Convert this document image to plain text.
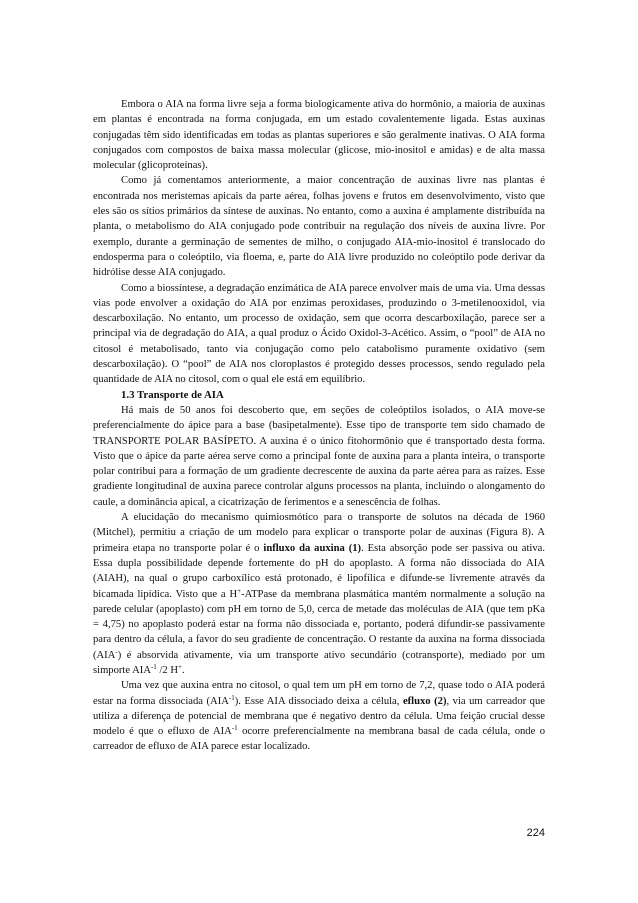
Embora o AIA na forma livre seja a forma biologicamente ativa do hormônio, a maioria de auxinas em plantas é encontrada na forma conjugada, em um estado covalentemente ligada. Estas auxinas conjugadas têm sido identificadas em todas as plantas superiores e são geralmente inativas. O AIA forma conjugados com compostos de baixa massa molecular (glicose, mio-inositol e amidas) e de alta massa molecular (glicoproteínas).

Como já comentamos anteriormente, a maior concentração de auxinas livre nas plantas é encontrada nos meristemas apicais da parte aérea, folhas jovens e frutos em desenvolvimento, visto que eles são os sítios primários da síntese de auxinas. No entanto, como a auxina é amplamente distribuída na planta, o metabolismo do AIA conjugado pode contribuir na regulação dos níveis de auxina livre. Por exemplo, durante a germinação de sementes de milho, o conjugado AIA-mio-inositol é translocado do endosperma para o coleóptilo, via floema, e, parte do AIA livre produzido no coleóptilo pode derivar da hidrólise desse AIA conjugado.

Como a biossíntese, a degradação enzimática de AIA parece envolver mais de uma via. Uma dessas vias pode envolver a oxidação do AIA por enzimas peroxidases, produzindo o 3-metilenooxidol, via descarboxilação. No entanto, um processo de oxidação, sem que ocorra descarboxilação, parece ser a principal via de degradação do AIA, a qual produz o Ácido Oxidol-3-Acético. Assim, o “pool” de AIA no citosol é metabolisado, tanto via conjugação como pelo catabolismo puramente oxidativo (sem descarboxilação). O “pool” de AIA nos cloroplastos é protegido desses processos, sendo regulado pela quantidade de AIA no citosol, com o qual ele está em equilíbrio.

1.3 Transporte de AIA

Há mais de 50 anos foi descoberto que, em seções de coleóptilos isolados, o AIA move-se preferencialmente do ápice para a base (basipetalmente). Esse tipo de transporte tem sido chamado de TRANSPORTE POLAR BASÍPETO. A auxina é o único fitohormônio que é transportado desta forma. Visto que o ápice da parte aérea serve como a principal fonte de auxina para a planta inteira, o transporte polar contribui para a formação de um gradiente decrescente de auxina da parte aérea para as raízes. Esse gradiente longitudinal de auxina parece controlar alguns processos na planta, incluindo o alongamento do caule, a dominância apical, a cicatrização de ferimentos e a senescência de folhas.

A elucidação do mecanismo quimiosmótico para o transporte de solutos na década de 1960 (Mitchel), permitiu a criação de um modelo para explicar o transporte polar de auxinas (Figura 8). A primeira etapa no transporte polar é o influxo da auxina (1). Esta absorção pode ser passiva ou ativa. Essa dupla possibilidade depende fortemente do pH do apoplasto. A forma não dissociada do AIA (AIAH), na qual o grupo carboxílico está protonado, é lipofílica e difunde-se livremente através da bicamada lipídica. Visto que a H+-ATPase da membrana plasmática mantém normalmente a solução na parede celular (apoplasto) com pH em torno de 5,0, cerca de metade das moléculas de AIA (que tem pKa = 4,75) no apoplasto poderá estar na forma não dissociada e, portanto, poderá difundir-se passivamente para dentro da célula, a favor do seu gradiente de concentração. O restante da auxina na forma dissociada (AIA-) é absorvida ativamente, via um transporte ativo secundário (cotransporte), mediado por um simporte $AIA^{-1}$ /2 H+.

Uma vez que auxina entra no citosol, o qual tem um pH em torno de 7,2, quase todo o AIA poderá estar na forma dissociada $(AIA^{-1})$. Esse AIA dissociado deixa a célula, efluxo (2), via um carreador que utiliza a diferença de potencial de membrana que é negativo dentro da célula. Uma feição crucial desse modelo é que o efluxo de $AIA^{-1}$ ocorre preferencialmente na membrana basal de cada célula, onde o carreador de efluxo de AIA parece estar localizado.

224
